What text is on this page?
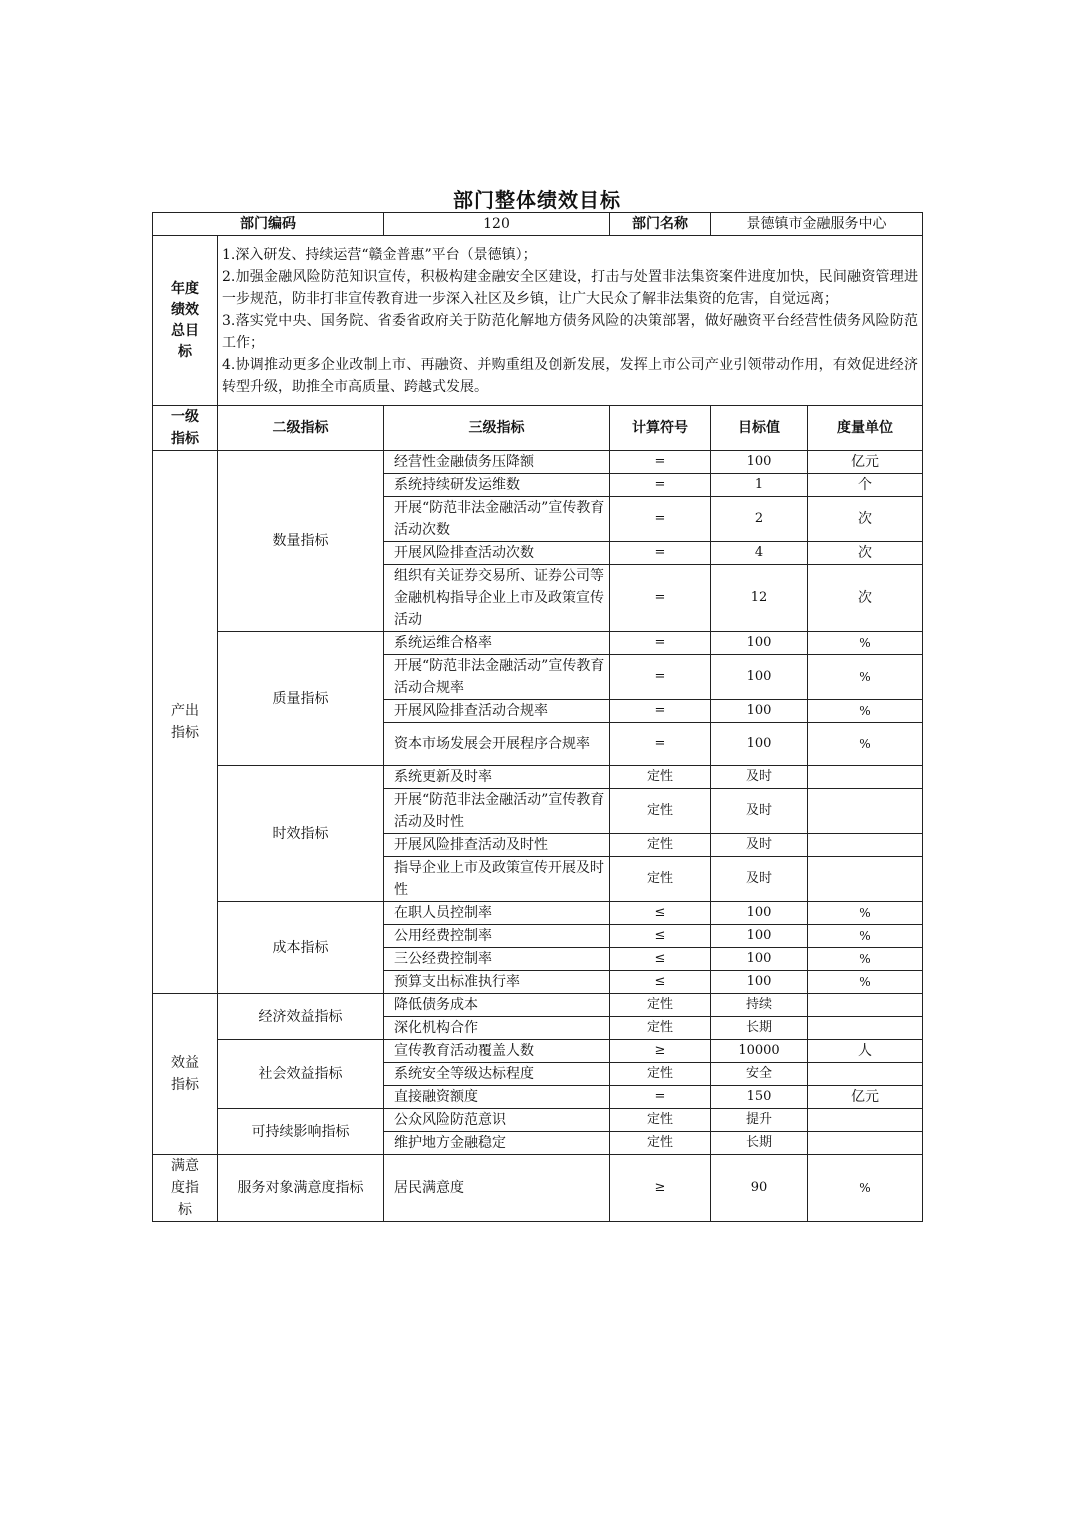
部门整体绩效目标
部门编码		120	部门名称	景德镇市金融服务中心	
年度绩效总目标	1.深入研发、持续运营“赣金普惠”平台（景德镇）；
2.加强金融风险防范知识宣传，积极构建金融安全区建设，打击与处置非法集资案件进度加快，民间融资管理进一步规范，防非打非宣传教育进一步深入社区及乡镇，让广大民众了解非法集资的危害，自觉远离；
3.落实党中央、国务院、省委省政府关于防范化解地方债务风险的决策部署，做好融资平台经营性债务风险防范工作；
4.协调推动更多企业改制上市、再融资、并购重组及创新发展，发挥上市公司产业引领带动作用，有效促进经济转型升级，助推全市高质量、跨越式发展。				

一级指标	二级指标	三级指标	计算符号	目标值	度量单位
产出指标	数量指标	经营性金融债务压降额	=	100	亿元
		系统持续研发运维数	=	1	个
		开展“防范非法金融活动”宣传教育活动次数	=	2	次
		开展风险排查活动次数	=	4	次
		组织有关证券交易所、证券公司等金融机构指导企业上市及政策宣传活动	=	12	次
	质量指标	系统运维合格率	=	100	%
		开展“防范非法金融活动”宣传教育活动合规率	=	100	%
		开展风险排查活动合规率	=	100	%
		资本市场发展会开展程序合规率	=	100	%
	时效指标	系统更新及时率	定性	及时	
		开展“防范非法金融活动”宣传教育活动及时性	定性	及时	
		开展风险排查活动及时性	定性	及时	
		指导企业上市及政策宣传开展及时性	定性	及时	
	成本指标	在职人员控制率	≤	100	%
		公用经费控制率	≤	100	%
		三公经费控制率	≤	100	%
		预算支出标准执行率	≤	100	%
效益指标	经济效益指标	降低债务成本	定性	持续	
		深化机构合作	定性	长期	
	社会效益指标	宣传教育活动覆盖人数	≥	10000	人
		系统安全等级达标程度	定性	安全	
		直接融资额度	=	150	亿元
	可持续影响指标	公众风险防范意识	定性	提升	
		维护地方金融稳定	定性	长期	
满意度指标	服务对象满意度指标	居民满意度	≥	90	%
